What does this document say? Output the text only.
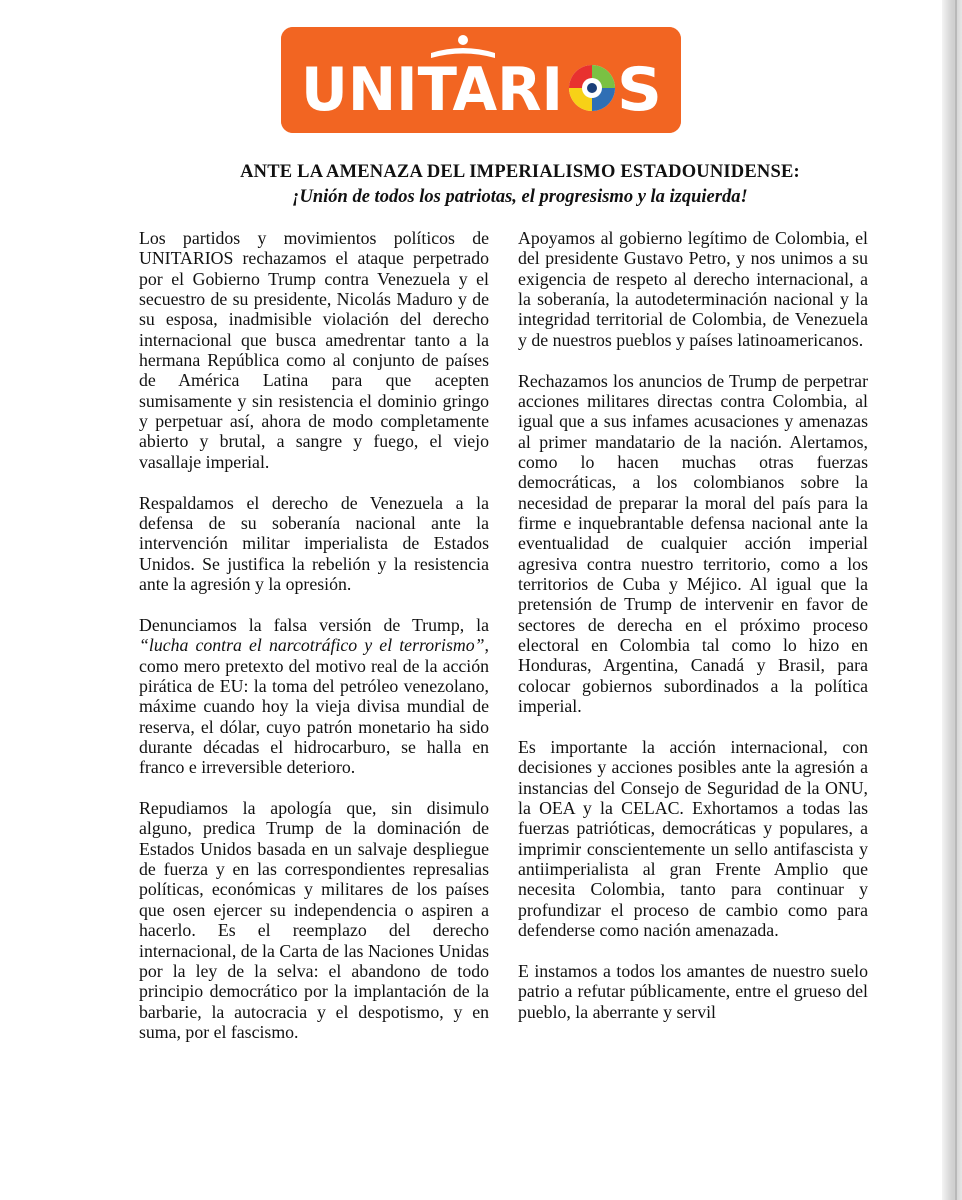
UNITARI S
ANTE LA AMENAZA DEL IMPERIALISMO ESTADOUNIDENSE:

¡Unión de todos los patriotas, el progresismo y la izquierda!

Los partidos y movimientos políticos de UNITARIOS rechazamos el ataque perpetrado por el Gobierno Trump contra Venezuela y el secuestro de su presidente, Nicolás Maduro y de su esposa, inadmisible violación del derecho internacional que busca amedrentar tanto a la hermana República como al conjunto de países de América Latina para que acepten sumisamente y sin resistencia el dominio gringo y perpetuar así, ahora de modo completamente abierto y brutal, a sangre y fuego, el viejo vasallaje imperial.

Respaldamos el derecho de Venezuela a la defensa de su soberanía nacional ante la intervención militar imperialista de Estados Unidos. Se justifica la rebelión y la resistencia ante la agresión y la opresión.

Denunciamos la falsa versión de Trump, la “lucha contra el narcotráfico y el terrorismo”, como mero pretexto del motivo real de la acción pirática de EU: la toma del petróleo venezolano, máxime cuando hoy la vieja divisa mundial de reserva, el dólar, cuyo patrón monetario ha sido durante décadas el hidrocarburo, se halla en franco e irreversible deterioro.

Repudiamos la apología que, sin disimulo alguno, predica Trump de la dominación de Estados Unidos basada en un salvaje despliegue de fuerza y en las correspondientes represalias políticas, económicas y militares de los países que osen ejercer su independencia o aspiren a hacerlo. Es el reemplazo del derecho internacional, de la Carta de las Naciones Unidas por la ley de la selva: el abandono de todo principio democrático por la implantación de la barbarie, la autocracia y el despotismo, y en suma, por el fascismo.

Apoyamos al gobierno legítimo de Colombia, el del presidente Gustavo Petro, y nos unimos a su exigencia de respeto al derecho internacional, a la soberanía, la autodeterminación nacional y la integridad territorial de Colombia, de Venezuela y de nuestros pueblos y países latinoamericanos.

Rechazamos los anuncios de Trump de perpetrar acciones militares directas contra Colombia, al igual que a sus infames acusaciones y amenazas al primer mandatario de la nación. Alertamos, como lo hacen muchas otras fuerzas democráticas, a los colombianos sobre la necesidad de preparar la moral del país para la firme e inquebrantable defensa nacional ante la eventualidad de cualquier acción imperial agresiva contra nuestro territorio, como a los territorios de Cuba y Méjico. Al igual que la pretensión de Trump de intervenir en favor de sectores de derecha en el próximo proceso electoral en Colombia tal como lo hizo en Honduras, Argentina, Canadá y Brasil, para colocar gobiernos subordinados a la política imperial.

Es importante la acción internacional, con decisiones y acciones posibles ante la agresión a instancias del Consejo de Seguridad de la ONU, la OEA y la CELAC. Exhortamos a todas las fuerzas patrióticas, democráticas y populares, a imprimir conscientemente un sello antifascista y antiimperialista al gran Frente Amplio que necesita Colombia, tanto para continuar y profundizar el proceso de cambio como para defenderse como nación amenazada.

E instamos a todos los amantes de nuestro suelo patrio a refutar públicamente, entre el grueso del pueblo, la aberrante y servil
